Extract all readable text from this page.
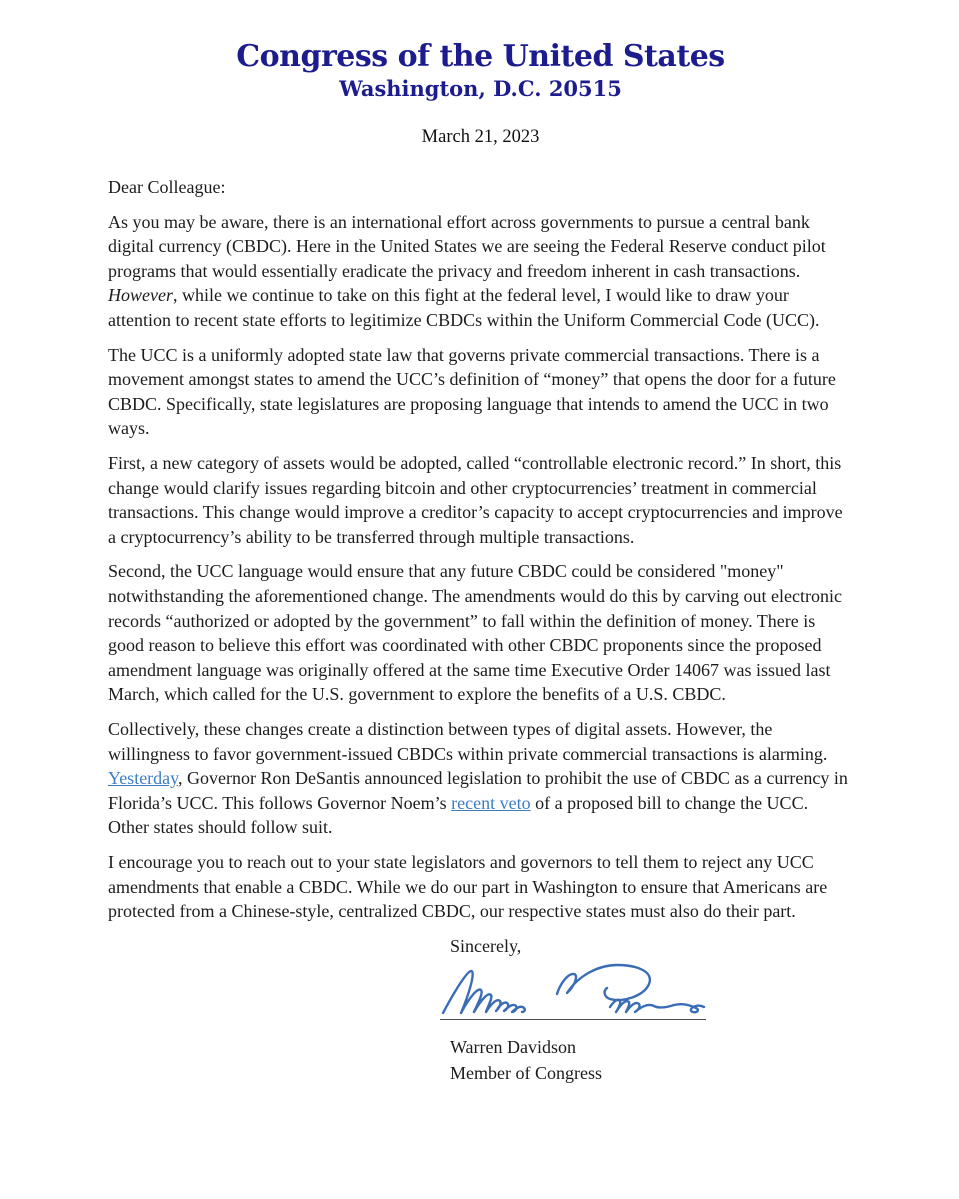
Congress of the United States
Washington, D.C. 20515
March 21, 2023

Dear Colleague:

As you may be aware, there is an international effort across governments to pursue a central bank digital currency (CBDC). Here in the United States we are seeing the Federal Reserve conduct pilot programs that would essentially eradicate the privacy and freedom inherent in cash transactions. However, while we continue to take on this fight at the federal level, I would like to draw your attention to recent state efforts to legitimize CBDCs within the Uniform Commercial Code (UCC).

The UCC is a uniformly adopted state law that governs private commercial transactions. There is a movement amongst states to amend the UCC’s definition of “money” that opens the door for a future CBDC. Specifically, state legislatures are proposing language that intends to amend the UCC in two ways.

First, a new category of assets would be adopted, called “controllable electronic record.” In short, this change would clarify issues regarding bitcoin and other cryptocurrencies’ treatment in commercial transactions. This change would improve a creditor’s capacity to accept cryptocurrencies and improve a cryptocurrency’s ability to be transferred through multiple transactions.

Second, the UCC language would ensure that any future CBDC could be considered "money" notwithstanding the aforementioned change. The amendments would do this by carving out electronic records “authorized or adopted by the government” to fall within the definition of money. There is good reason to believe this effort was coordinated with other CBDC proponents since the proposed amendment language was originally offered at the same time Executive Order 14067 was issued last March, which called for the U.S. government to explore the benefits of a U.S. CBDC.

Collectively, these changes create a distinction between types of digital assets. However, the willingness to favor government-issued CBDCs within private commercial transactions is alarming. Yesterday, Governor Ron DeSantis announced legislation to prohibit the use of CBDC as a currency in Florida’s UCC. This follows Governor Noem’s recent veto of a proposed bill to change the UCC. Other states should follow suit.

I encourage you to reach out to your state legislators and governors to tell them to reject any UCC amendments that enable a CBDC. While we do our part in Washington to ensure that Americans are protected from a Chinese-style, centralized CBDC, our respective states must also do their part.

Sincerely,
Warren Davidson
Member of Congress
